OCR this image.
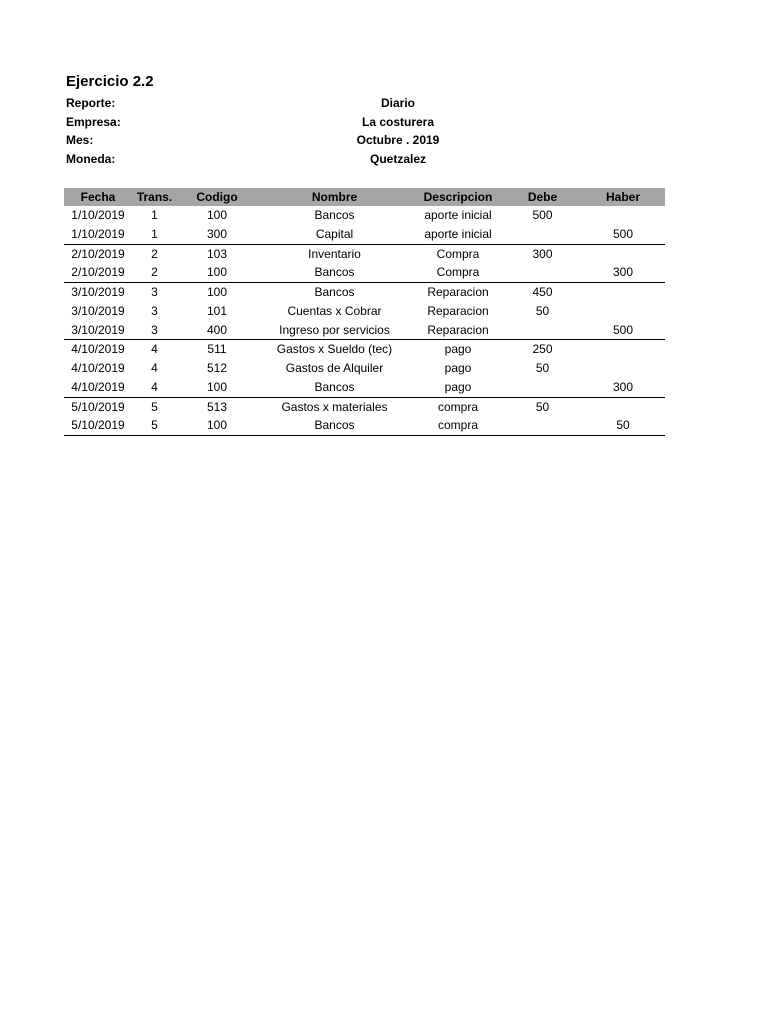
Ejercicio 2.2
Reporte:	Diario
Empresa:	La costurera
Mes:	Octubre . 2019
Moneda:	Quetzalez
Fecha	Trans.	Codigo	Nombre	Descripcion	Debe	Haber
1/10/2019	1	100	Bancos	aporte inicial	500	
1/10/2019	1	300	Capital	aporte inicial		500
2/10/2019	2	103	Inventario	Compra	300	
2/10/2019	2	100	Bancos	Compra		300
3/10/2019	3	100	Bancos	Reparacion	450	
3/10/2019	3	101	Cuentas x Cobrar	Reparacion	50	
3/10/2019	3	400	Ingreso por servicios	Reparacion		500
4/10/2019	4	511	Gastos x Sueldo (tec)	pago	250	
4/10/2019	4	512	Gastos de Alquiler	pago	50	
4/10/2019	4	100	Bancos	pago		300
5/10/2019	5	513	Gastos x materiales	compra	50	
5/10/2019	5	100	Bancos	compra		50
